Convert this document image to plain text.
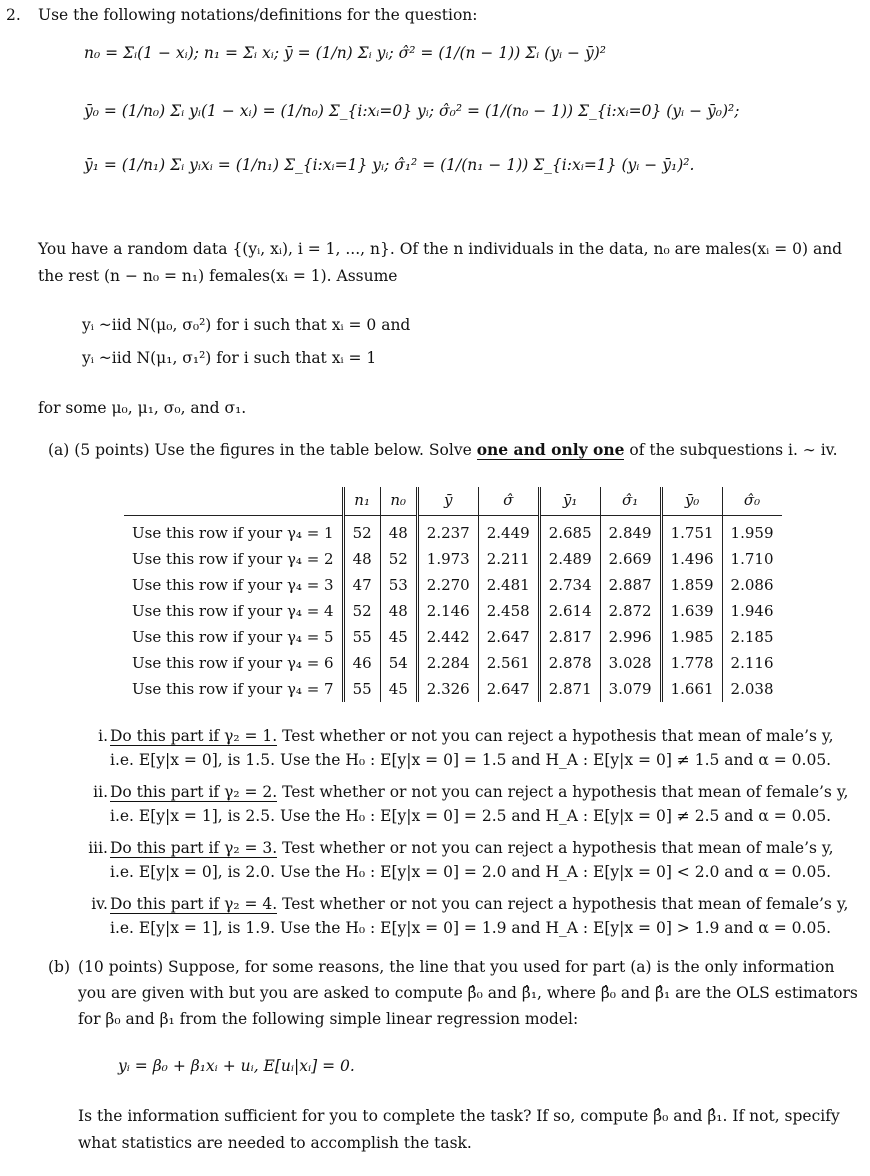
2. Use the following notations/definitions for the question:
n₀ = Σᵢ(1 − xᵢ); n₁ = Σᵢ xᵢ; ȳ = (1/n) Σᵢ yᵢ; σ̂² = (1/(n − 1)) Σᵢ (yᵢ − ȳ)²
ȳ₀ = (1/n₀) Σᵢ yᵢ(1 − xᵢ) = (1/n₀) Σ_{i:xᵢ=0} yᵢ; σ̂₀² = (1/(n₀ − 1)) Σ_{i:xᵢ=0} (yᵢ − ȳ₀)²;
ȳ₁ = (1/n₁) Σᵢ yᵢxᵢ = (1/n₁) Σ_{i:xᵢ=1} yᵢ; σ̂₁² = (1/(n₁ − 1)) Σ_{i:xᵢ=1} (yᵢ − ȳ₁)².
You have a random data {(yᵢ, xᵢ), i = 1, ..., n}. Of the n individuals in the data, n₀ are males(xᵢ = 0) and the rest (n − n₀ = n₁) females(xᵢ = 1). Assume
yᵢ ~iid N(μ₀, σ₀²) for i such that xᵢ = 0 and
yᵢ ~iid N(μ₁, σ₁²) for i such that xᵢ = 1
for some μ₀, μ₁, σ₀, and σ₁.
(a) (5 points) Use the figures in the table below. Solve one and only one of the subquestions i. ∼ iv.
	n₁	n₀	ȳ	σ̂	ȳ₁	σ̂₁	ȳ₀	σ̂₀
Use this row if your γ₄ = 1	52	48	2.237	2.449	2.685	2.849	1.751	1.959
Use this row if your γ₄ = 2	48	52	1.973	2.211	2.489	2.669	1.496	1.710
Use this row if your γ₄ = 3	47	53	2.270	2.481	2.734	2.887	1.859	2.086
Use this row if your γ₄ = 4	52	48	2.146	2.458	2.614	2.872	1.639	1.946
Use this row if your γ₄ = 5	55	45	2.442	2.647	2.817	2.996	1.985	2.185
Use this row if your γ₄ = 6	46	54	2.284	2.561	2.878	3.028	1.778	2.116
Use this row if your γ₄ = 7	55	45	2.326	2.647	2.871	3.079	1.661	2.038
i. Do this part if γ₂ = 1. Test whether or not you can reject a hypothesis that mean of male’s y, i.e. E[y|x = 0], is 1.5. Use the H₀ : E[y|x = 0] = 1.5 and H_A : E[y|x = 0] ≠ 1.5 and α = 0.05.
ii. Do this part if γ₂ = 2. Test whether or not you can reject a hypothesis that mean of female’s y, i.e. E[y|x = 1], is 2.5. Use the H₀ : E[y|x = 0] = 2.5 and H_A : E[y|x = 0] ≠ 2.5 and α = 0.05.
iii. Do this part if γ₂ = 3. Test whether or not you can reject a hypothesis that mean of male’s y, i.e. E[y|x = 0], is 2.0. Use the H₀ : E[y|x = 0] = 2.0 and H_A : E[y|x = 0] < 2.0 and α = 0.05.
iv. Do this part if γ₂ = 4. Test whether or not you can reject a hypothesis that mean of female’s y, i.e. E[y|x = 1], is 1.9. Use the H₀ : E[y|x = 0] = 1.9 and H_A : E[y|x = 0] > 1.9 and α = 0.05.
(b) (10 points) Suppose, for some reasons, the line that you used for part (a) is the only information you are given with but you are asked to compute β̂₀ and β̂₁, where β̂₀ and β̂₁ are the OLS estimators for β₀ and β₁ from the following simple linear regression model:
yᵢ = β₀ + β₁xᵢ + uᵢ, E[uᵢ|xᵢ] = 0.
Is the information sufficient for you to complete the task? If so, compute β̂₀ and β̂₁. If not, specify what statistics are needed to accomplish the task.
